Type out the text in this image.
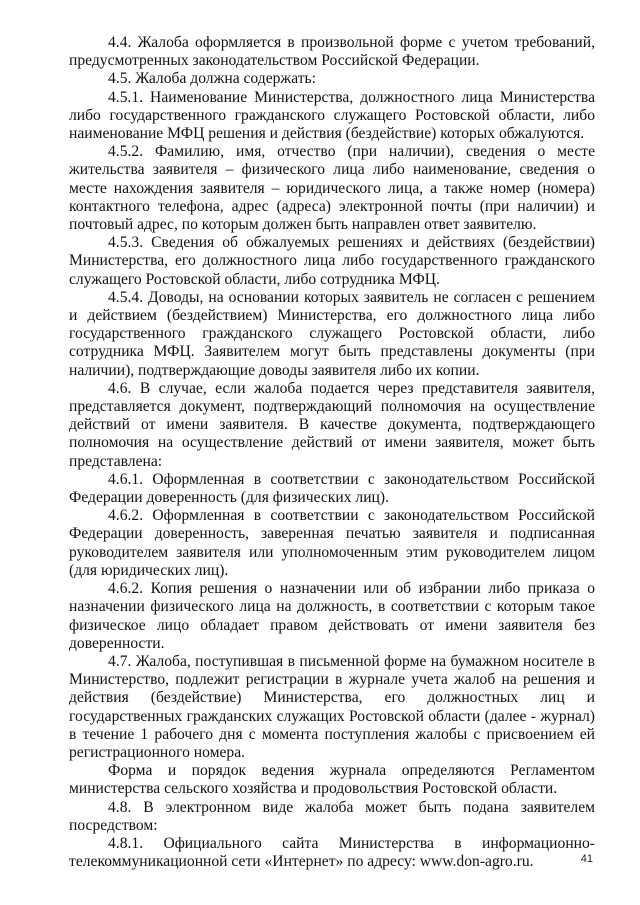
4.4. Жалоба оформляется в произвольной форме с учетом требований, предусмотренных законодательством Российской Федерации.

4.5. Жалоба должна содержать:

4.5.1. Наименование Министерства, должностного лица Министерства либо государственного гражданского служащего Ростовской области, либо наименование МФЦ решения и действия (бездействие) которых обжалуются.

4.5.2. Фамилию, имя, отчество (при наличии), сведения о месте жительства заявителя – физического лица либо наименование, сведения о месте нахождения заявителя – юридического лица, а также номер (номера) контактного телефона, адрес (адреса) электронной почты (при наличии) и почтовый адрес, по которым должен быть направлен ответ заявителю.

4.5.3. Сведения об обжалуемых решениях и действиях (бездействии) Министерства, его должностного лица либо государственного гражданского служащего Ростовской области, либо сотрудника МФЦ.

4.5.4. Доводы, на основании которых заявитель не согласен с решением и действием (бездействием) Министерства, его должностного лица либо государственного гражданского служащего Ростовской области, либо сотрудника МФЦ. Заявителем могут быть представлены документы (при наличии), подтверждающие доводы заявителя либо их копии.

4.6. В случае, если жалоба подается через представителя заявителя, представляется документ, подтверждающий полномочия на осуществление действий от имени заявителя. В качестве документа, подтверждающего полномочия на осуществление действий от имени заявителя, может быть представлена:

4.6.1. Оформленная в соответствии с законодательством Российской Федерации доверенность (для физических лиц).

4.6.2. Оформленная в соответствии с законодательством Российской Федерации доверенность, заверенная печатью заявителя и подписанная руководителем заявителя или уполномоченным этим руководителем лицом (для юридических лиц).

4.6.2. Копия решения о назначении или об избрании либо приказа о назначении физического лица на должность, в соответствии с которым такое физическое лицо обладает правом действовать от имени заявителя без доверенности.

4.7. Жалоба, поступившая в письменной форме на бумажном носителе в Министерство, подлежит регистрации в журнале учета жалоб на решения и действия (бездействие) Министерства, его должностных лиц и государственных гражданских служащих Ростовской области (далее - журнал) в течение 1 рабочего дня с момента поступления жалобы с присвоением ей регистрационного номера.

Форма и порядок ведения журнала определяются Регламентом министерства сельского хозяйства и продовольствия Ростовской области.

4.8. В электронном виде жалоба может быть подана заявителем посредством:

4.8.1. Официального сайта Министерства в информационно-телекоммуникационной сети «Интернет» по адресу: www.don-agro.ru.	41
